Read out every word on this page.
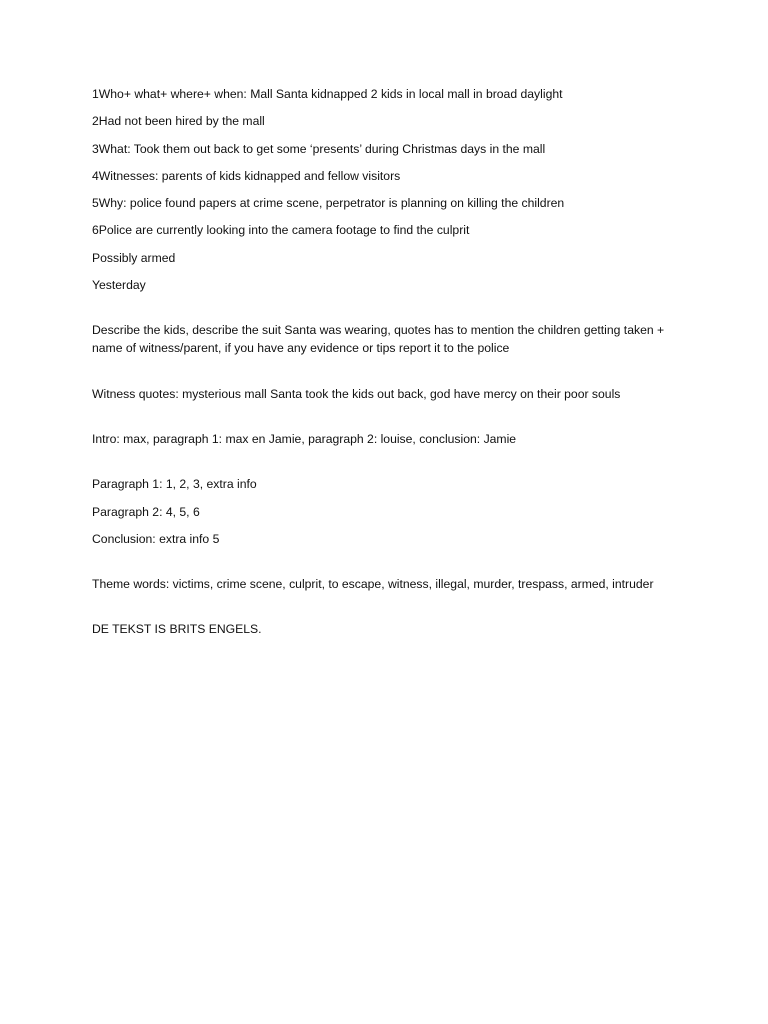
1Who+ what+ where+ when: Mall Santa kidnapped 2 kids in local mall in broad daylight

2Had not been hired by the mall

3What: Took them out back to get some ‘presents’ during Christmas days in the mall

4Witnesses: parents of kids kidnapped and fellow visitors

5Why: police found papers at crime scene, perpetrator is planning on killing the children

6Police are currently looking into the camera footage to find the culprit

Possibly armed

Yesterday

Describe the kids, describe the suit Santa was wearing, quotes has to mention the children getting taken + name of witness/parent, if you have any evidence or tips report it to the police

Witness quotes: mysterious mall Santa took the kids out back, god have mercy on their poor souls

Intro: max, paragraph 1: max en Jamie, paragraph 2: louise, conclusion: Jamie

Paragraph 1: 1, 2, 3, extra info

Paragraph 2: 4, 5, 6

Conclusion: extra info 5

Theme words: victims, crime scene, culprit, to escape, witness, illegal, murder, trespass, armed, intruder

DE TEKST IS BRITS ENGELS.
